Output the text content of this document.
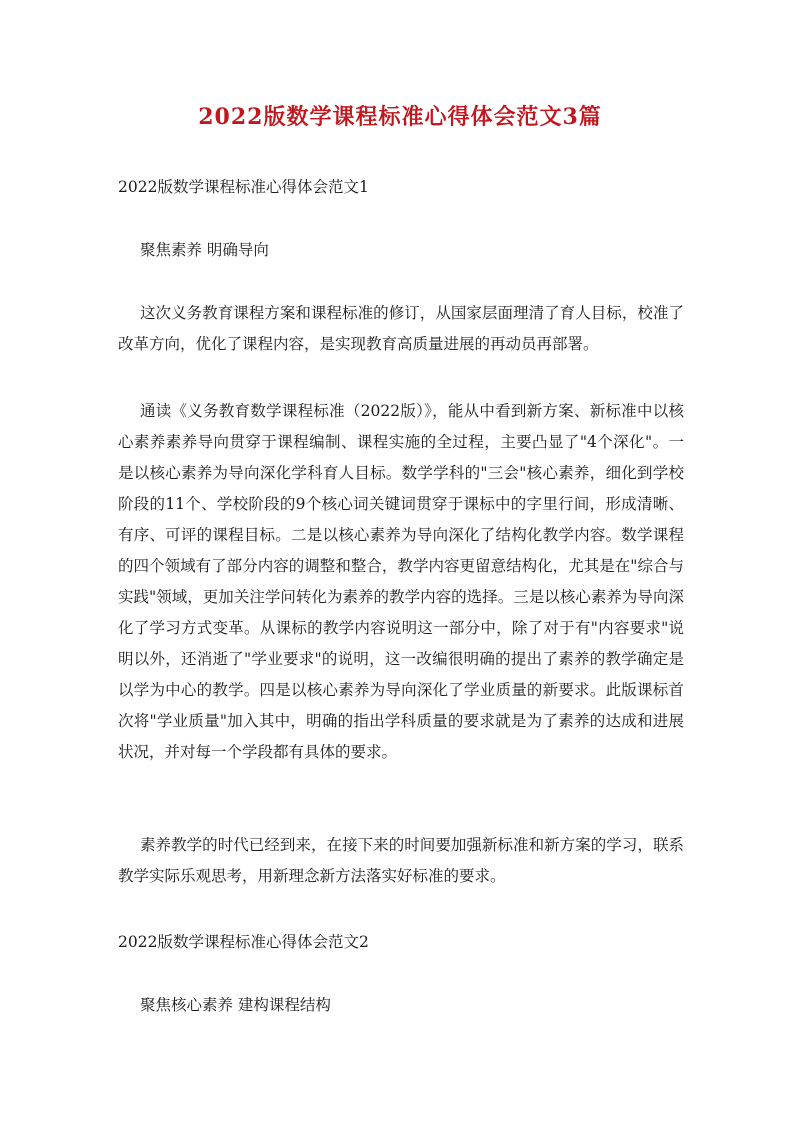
2022版数学课程标准心得体会范文3篇
2022版数学课程标准心得体会范文1
聚焦素养 明确导向
这次义务教育课程方案和课程标准的修订，从国家层面理清了育人目标，校准了改革方向，优化了课程内容，是实现教育高质量进展的再动员再部署。
通读《义务教育数学课程标准（2022版）》，能从中看到新方案、新标准中以核心素养素养导向贯穿于课程编制、课程实施的全过程，主要凸显了"4个深化"。一是以核心素养为导向深化学科育人目标。数学学科的"三会"核心素养，细化到学校阶段的11个、学校阶段的9个核心词关键词贯穿于课标中的字里行间，形成清晰、有序、可评的课程目标。二是以核心素养为导向深化了结构化教学内容。数学课程的四个领域有了部分内容的调整和整合，教学内容更留意结构化，尤其是在"综合与实践"领域，更加关注学问转化为素养的教学内容的选择。三是以核心素养为导向深化了学习方式变革。从课标的教学内容说明这一部分中，除了对于有"内容要求"说明以外，还消逝了"学业要求"的说明，这一改编很明确的提出了素养的教学确定是以学为中心的教学。四是以核心素养为导向深化了学业质量的新要求。此版课标首次将"学业质量"加入其中，明确的指出学科质量的要求就是为了素养的达成和进展状况，并对每一个学段都有具体的要求。
素养教学的时代已经到来，在接下来的时间要加强新标准和新方案的学习，联系教学实际乐观思考，用新理念新方法落实好标准的要求。
2022版数学课程标准心得体会范文2
聚焦核心素养 建构课程结构
